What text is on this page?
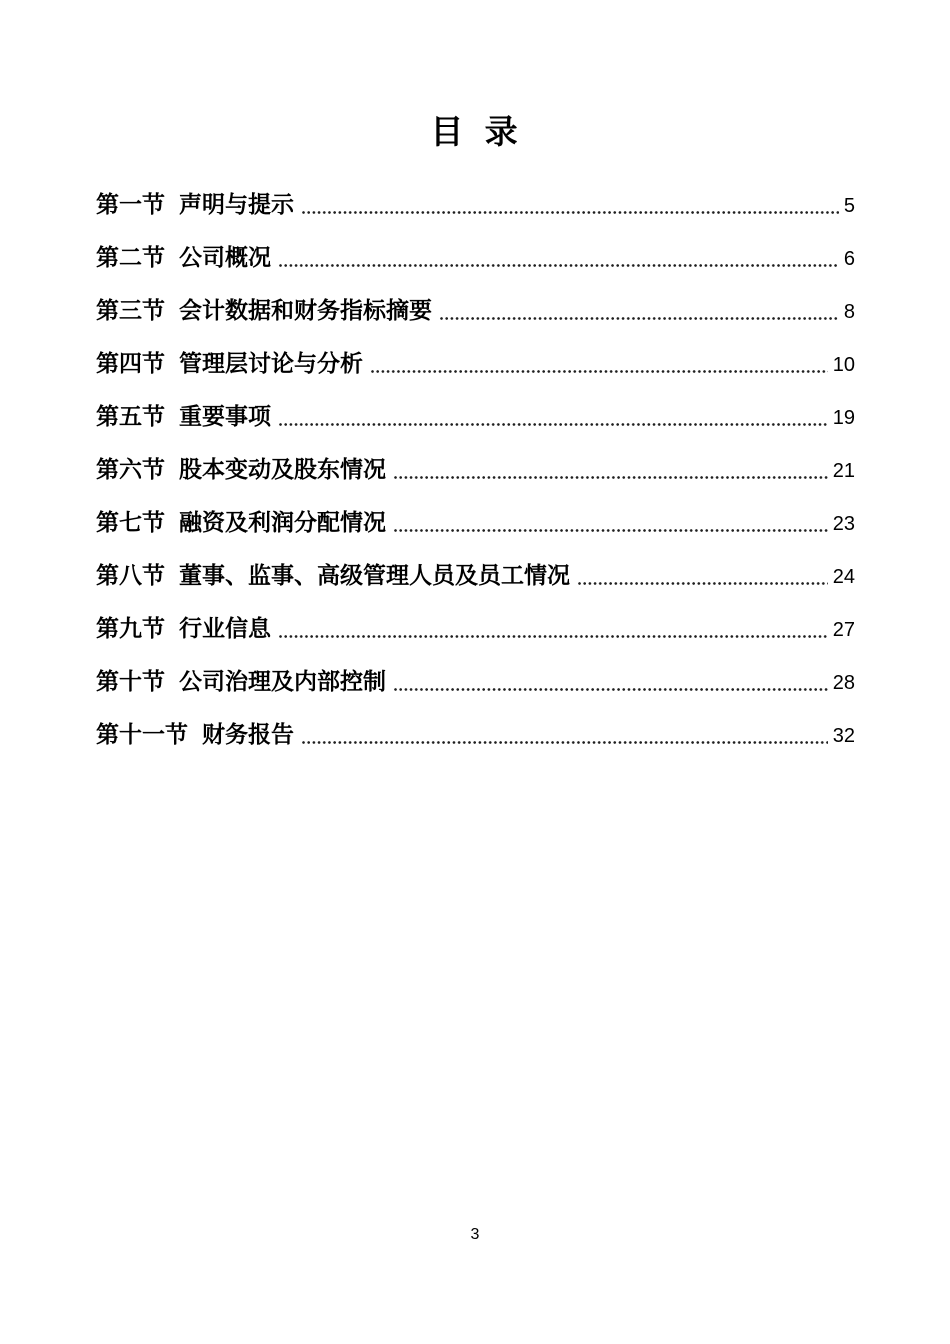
目 录
第一节 声明与提示	5
第二节 公司概况	6
第三节 会计数据和财务指标摘要	8
第四节 管理层讨论与分析	10
第五节 重要事项	19
第六节 股本变动及股东情况	21
第七节 融资及利润分配情况	23
第八节 董事、监事、高级管理人员及员工情况	24
第九节 行业信息	27
第十节 公司治理及内部控制	28
第十一节 财务报告	32
3
